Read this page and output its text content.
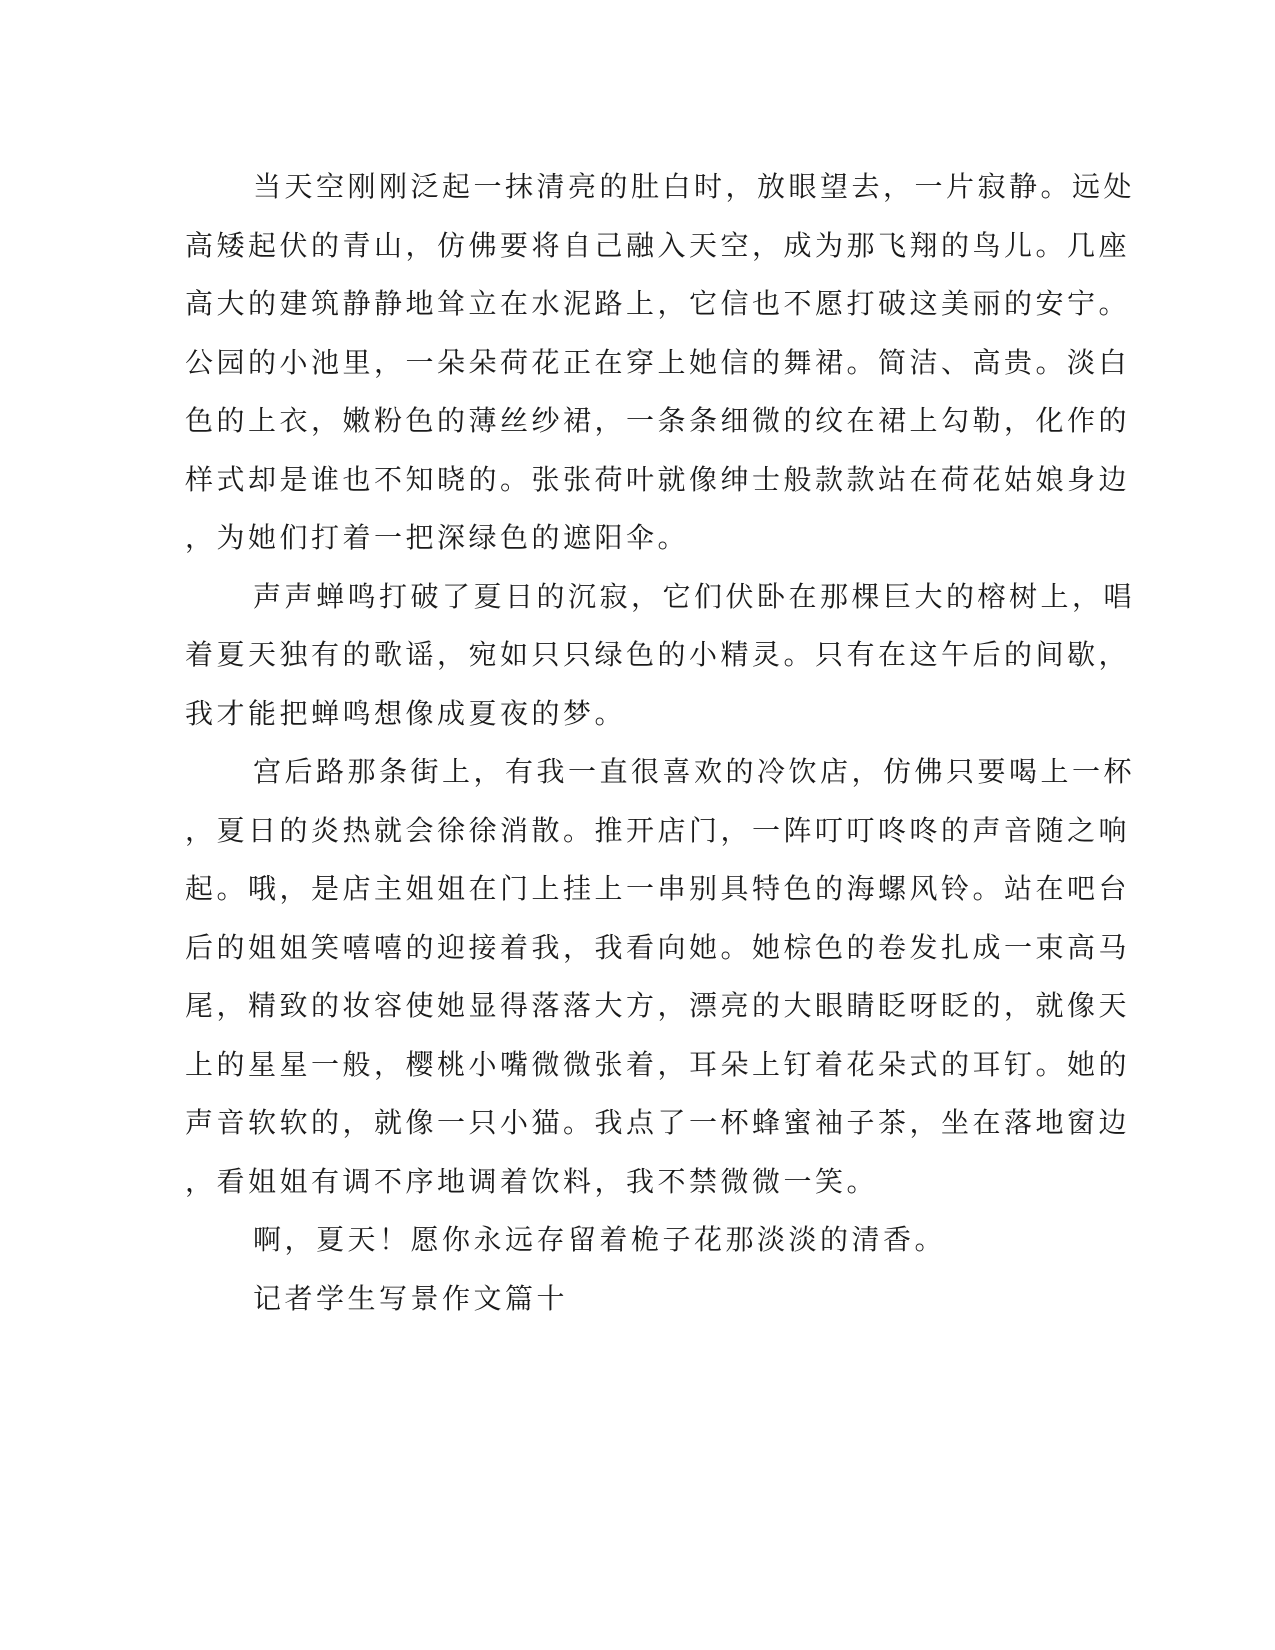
当天空刚刚泛起一抹清亮的肚白时，放眼望去，一片寂静。远处
高矮起伏的青山，仿佛要将自己融入天空，成为那飞翔的鸟儿。几座
高大的建筑静静地耸立在水泥路上，它信也不愿打破这美丽的安宁。
公园的小池里，一朵朵荷花正在穿上她信的舞裙。简洁、高贵。淡白
色的上衣，嫩粉色的薄丝纱裙，一条条细微的纹在裙上勾勒，化作的
样式却是谁也不知晓的。张张荷叶就像绅士般款款站在荷花姑娘身边
，为她们打着一把深绿色的遮阳伞。
声声蝉鸣打破了夏日的沉寂，它们伏卧在那棵巨大的榕树上，唱
着夏天独有的歌谣，宛如只只绿色的小精灵。只有在这午后的间歇，
我才能把蝉鸣想像成夏夜的梦。
宫后路那条街上，有我一直很喜欢的冷饮店，仿佛只要喝上一杯
，夏日的炎热就会徐徐消散。推开店门，一阵叮叮咚咚的声音随之响
起。哦，是店主姐姐在门上挂上一串别具特色的海螺风铃。站在吧台
后的姐姐笑嘻嘻的迎接着我，我看向她。她棕色的卷发扎成一束高马
尾，精致的妆容使她显得落落大方，漂亮的大眼睛眨呀眨的，就像天
上的星星一般，樱桃小嘴微微张着，耳朵上钉着花朵式的耳钉。她的
声音软软的，就像一只小猫。我点了一杯蜂蜜袖子茶，坐在落地窗边
，看姐姐有调不序地调着饮料，我不禁微微一笑。
啊，夏天！愿你永远存留着桅子花那淡淡的清香。
记者学生写景作文篇十
